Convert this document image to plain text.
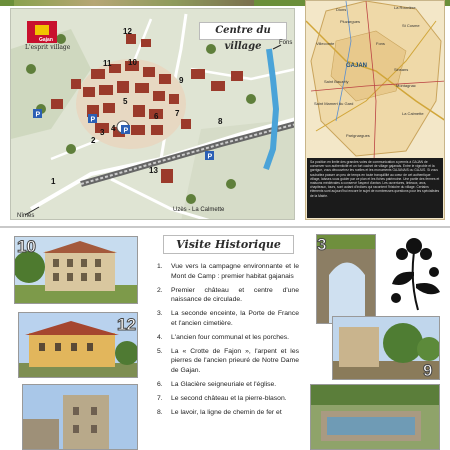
P
P
P
P
Centre du village
Gajan
L'esprit village
Fons
Nîmes
Uzès - La Calmette
1
2
3 4
5
6 7
8
9
10
11
12
13
GAJAN
Dions	La Rouvière
Pluzargues
St Cosme
Fons
Villecomte
Sinsans
Montagnac
Saint Bauzèly
Parignargues
Saint Mamert du Gard
La Calmette
Sa position en limite des grandes voies de communication a permis à GAJAN de conserver son authenticité et un fort cachet de village gajanais. Entre le vignoble et la garrigue, vous découvrirez les ruelles et les monuments GAJANAIS ou GAJUS. Si vous souhaitez passer un peu de temps en toute tranquillité au cœur de cet authentique village, laissez-vous guider par ce plan et les fiches patrimoine. Une partie des fermes et maisons médiévales a conservé l'aspect d'antan. Les ouvertures, linteaux, arcs, chapiteaux, tours, sont autant d'indices qui racontent l'histoire du village. Certains éléments sont aujourd'hui encore le sujet de nombreuses questions pour les spécialistes de la Mairie.
10
12
Visite Historique
1. Vue vers la campagne environnante et le Mont de Camp : premier habitat gajanais
2. Premier château et centre d'une naissance de circulade.
3. La seconde enceinte, la Porte de France et l'ancien cimetière.
4. L'ancien four communal et les porches.
5. La « Crotte de Fajon », l'arpent et les pierres de l'ancien prieuré de Notre Dame de Gajan.
6. La Glacière seigneuriale et l'église.
7. Le second château et la pierre-blason.
8. Le lavoir, la ligne de chemin de fer et
3
9
